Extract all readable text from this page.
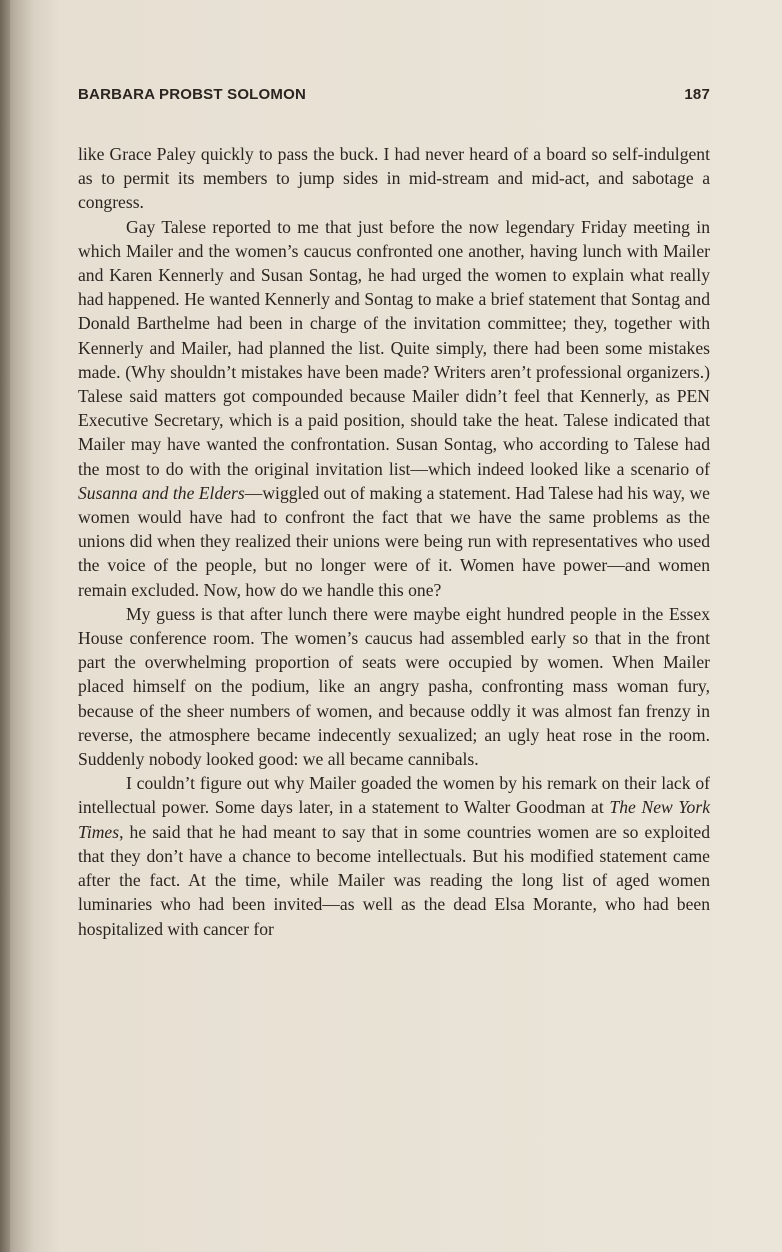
BARBARA PROBST SOLOMON	187

like Grace Paley quickly to pass the buck. I had never heard of a board so self-indulgent as to permit its members to jump sides in mid-stream and mid-act, and sabotage a congress.

Gay Talese reported to me that just before the now legendary Friday meeting in which Mailer and the women’s caucus confronted one another, having lunch with Mailer and Karen Kennerly and Susan Sontag, he had urged the women to explain what really had happened. He wanted Kennerly and Sontag to make a brief statement that Sontag and Donald Barthelme had been in charge of the invitation committee; they, together with Kennerly and Mailer, had planned the list. Quite simply, there had been some mistakes made. (Why shouldn’t mistakes have been made? Writers aren’t professional organizers.) Talese said matters got compounded because Mailer didn’t feel that Kennerly, as PEN Executive Secretary, which is a paid position, should take the heat. Talese indicated that Mailer may have wanted the confrontation. Susan Sontag, who according to Talese had the most to do with the original invitation list—which indeed looked like a scenario of Susanna and the Elders—wiggled out of making a statement. Had Talese had his way, we women would have had to confront the fact that we have the same problems as the unions did when they realized their unions were being run with representatives who used the voice of the people, but no longer were of it. Women have power—and women remain excluded. Now, how do we handle this one?

My guess is that after lunch there were maybe eight hundred people in the Essex House conference room. The women’s caucus had assembled early so that in the front part the overwhelming proportion of seats were occupied by women. When Mailer placed himself on the podium, like an angry pasha, confronting mass woman fury, because of the sheer numbers of women, and because oddly it was almost fan frenzy in reverse, the atmosphere became indecently sexualized; an ugly heat rose in the room. Suddenly nobody looked good: we all became cannibals.

I couldn’t figure out why Mailer goaded the women by his remark on their lack of intellectual power. Some days later, in a statement to Walter Goodman at The New York Times, he said that he had meant to say that in some countries women are so exploited that they don’t have a chance to become intellectuals. But his modified statement came after the fact. At the time, while Mailer was reading the long list of aged women luminaries who had been invited—as well as the dead Elsa Morante, who had been hospitalized with cancer for
